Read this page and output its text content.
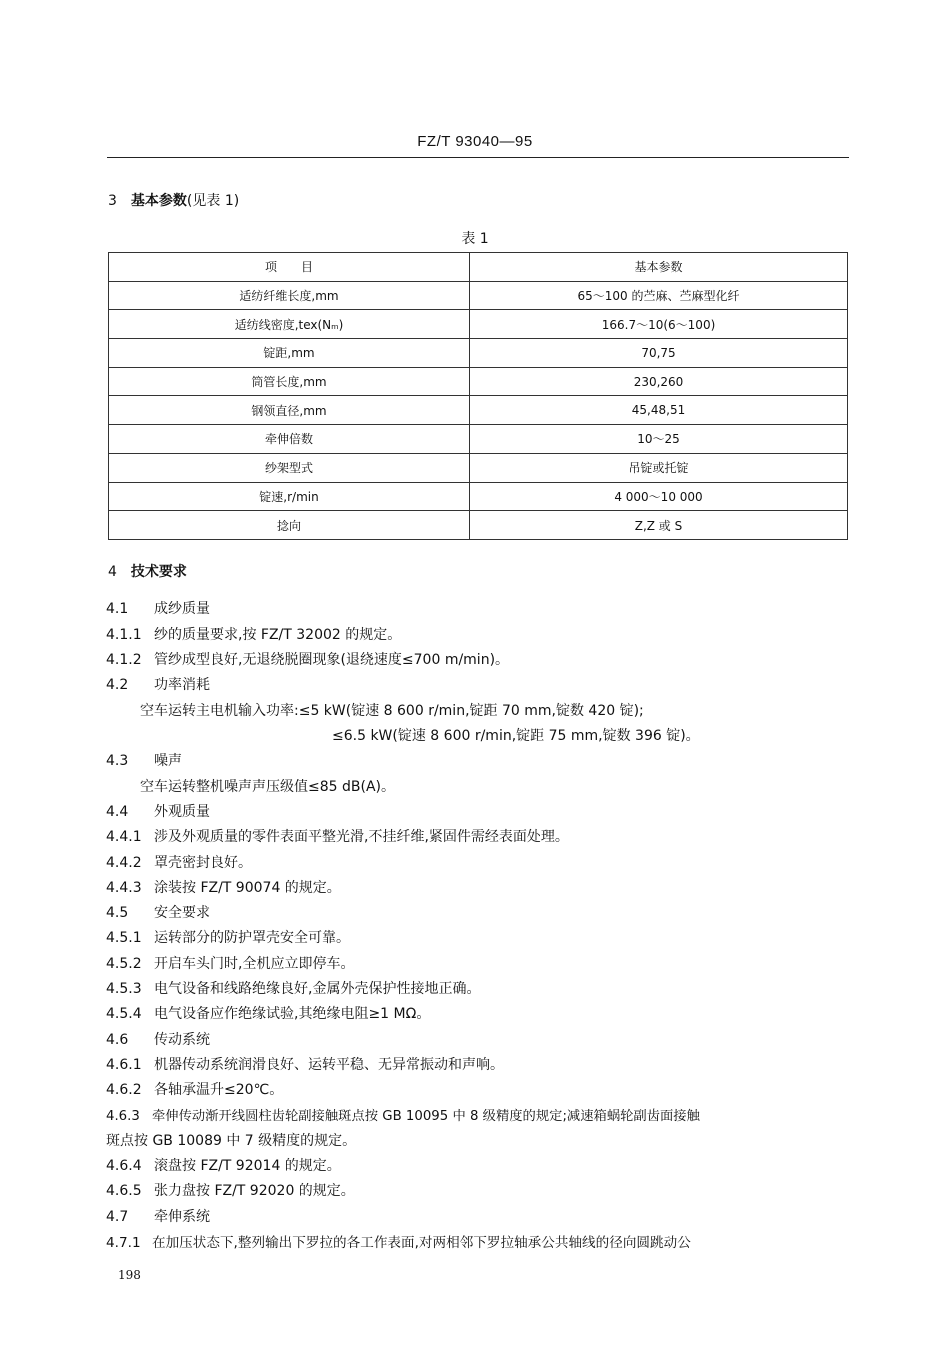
FZ/T 93040—95
3 基本参数(见表 1)
表 1
项　　目	基本参数
适纺纤维长度,mm	65～100 的苎麻、苎麻型化纤
适纺线密度,tex(Nₘ)	166.7～10(6～100)
锭距,mm	70,75
筒管长度,mm	230,260
钢领直径,mm	45,48,51
牵伸倍数	10～25
纱架型式	吊锭或托锭
锭速,r/min	4 000～10 000
捻向	Z,Z 或 S
4 技术要求
4.1 成纱质量
4.1.1 纱的质量要求,按 FZ/T 32002 的规定。
4.1.2 管纱成型良好,无退绕脱圈现象(退绕速度≤700 m/min)。
4.2 功率消耗
空车运转主电机输入功率:≤5 kW(锭速 8 600 r/min,锭距 70 mm,锭数 420 锭);
≤6.5 kW(锭速 8 600 r/min,锭距 75 mm,锭数 396 锭)。
4.3 噪声
空车运转整机噪声声压级值≤85 dB(A)。
4.4 外观质量
4.4.1 涉及外观质量的零件表面平整光滑,不挂纤维,紧固件需经表面处理。
4.4.2 罩壳密封良好。
4.4.3 涂装按 FZ/T 90074 的规定。
4.5 安全要求
4.5.1 运转部分的防护罩壳安全可靠。
4.5.2 开启车头门时,全机应立即停车。
4.5.3 电气设备和线路绝缘良好,金属外壳保护性接地正确。
4.5.4 电气设备应作绝缘试验,其绝缘电阻≥1 MΩ。
4.6 传动系统
4.6.1 机器传动系统润滑良好、运转平稳、无异常振动和声响。
4.6.2 各轴承温升≤20℃。
4.6.3 牵伸传动渐开线圆柱齿轮副接触斑点按 GB 10095 中 8 级精度的规定;减速箱蜗轮副齿面接触
斑点按 GB 10089 中 7 级精度的规定。
4.6.4 滚盘按 FZ/T 92014 的规定。
4.6.5 张力盘按 FZ/T 92020 的规定。
4.7 牵伸系统
4.7.1 在加压状态下,整列输出下罗拉的各工作表面,对两相邻下罗拉轴承公共轴线的径向圆跳动公
198
